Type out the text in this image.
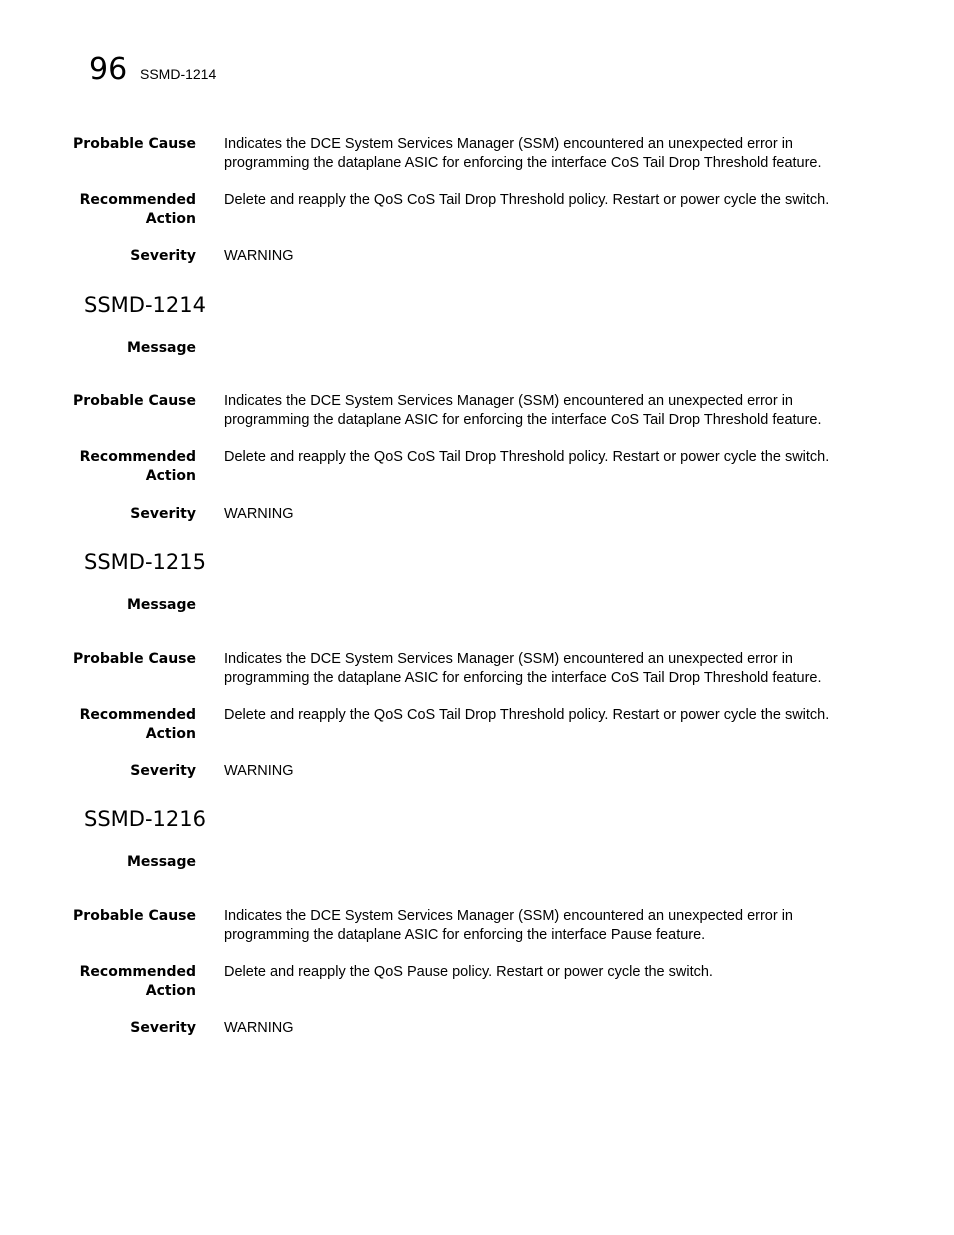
96 SSMD-1214
Probable Cause Indicates the DCE System Services Manager (SSM) encountered an unexpected error in
programming the dataplane ASIC for enforcing the interface CoS Tail Drop Threshold feature.
Recommended
Action
Delete and reapply the QoS CoS Tail Drop Threshold policy. Restart or power cycle the switch.
Severity WARNING
SSMD-1214
Message
Probable Cause Indicates the DCE System Services Manager (SSM) encountered an unexpected error in
programming the dataplane ASIC for enforcing the interface CoS Tail Drop Threshold feature.
Recommended
Action
Delete and reapply the QoS CoS Tail Drop Threshold policy. Restart or power cycle the switch.
Severity WARNING
SSMD-1215
Message
Probable Cause Indicates the DCE System Services Manager (SSM) encountered an unexpected error in
programming the dataplane ASIC for enforcing the interface CoS Tail Drop Threshold feature.
Recommended
Action
Delete and reapply the QoS CoS Tail Drop Threshold policy. Restart or power cycle the switch.
Severity WARNING
SSMD-1216
Message
Probable Cause Indicates the DCE System Services Manager (SSM) encountered an unexpected error in
programming the dataplane ASIC for enforcing the interface Pause feature.
Recommended
Action
Delete and reapply the QoS Pause policy. Restart or power cycle the switch.
Severity WARNING
